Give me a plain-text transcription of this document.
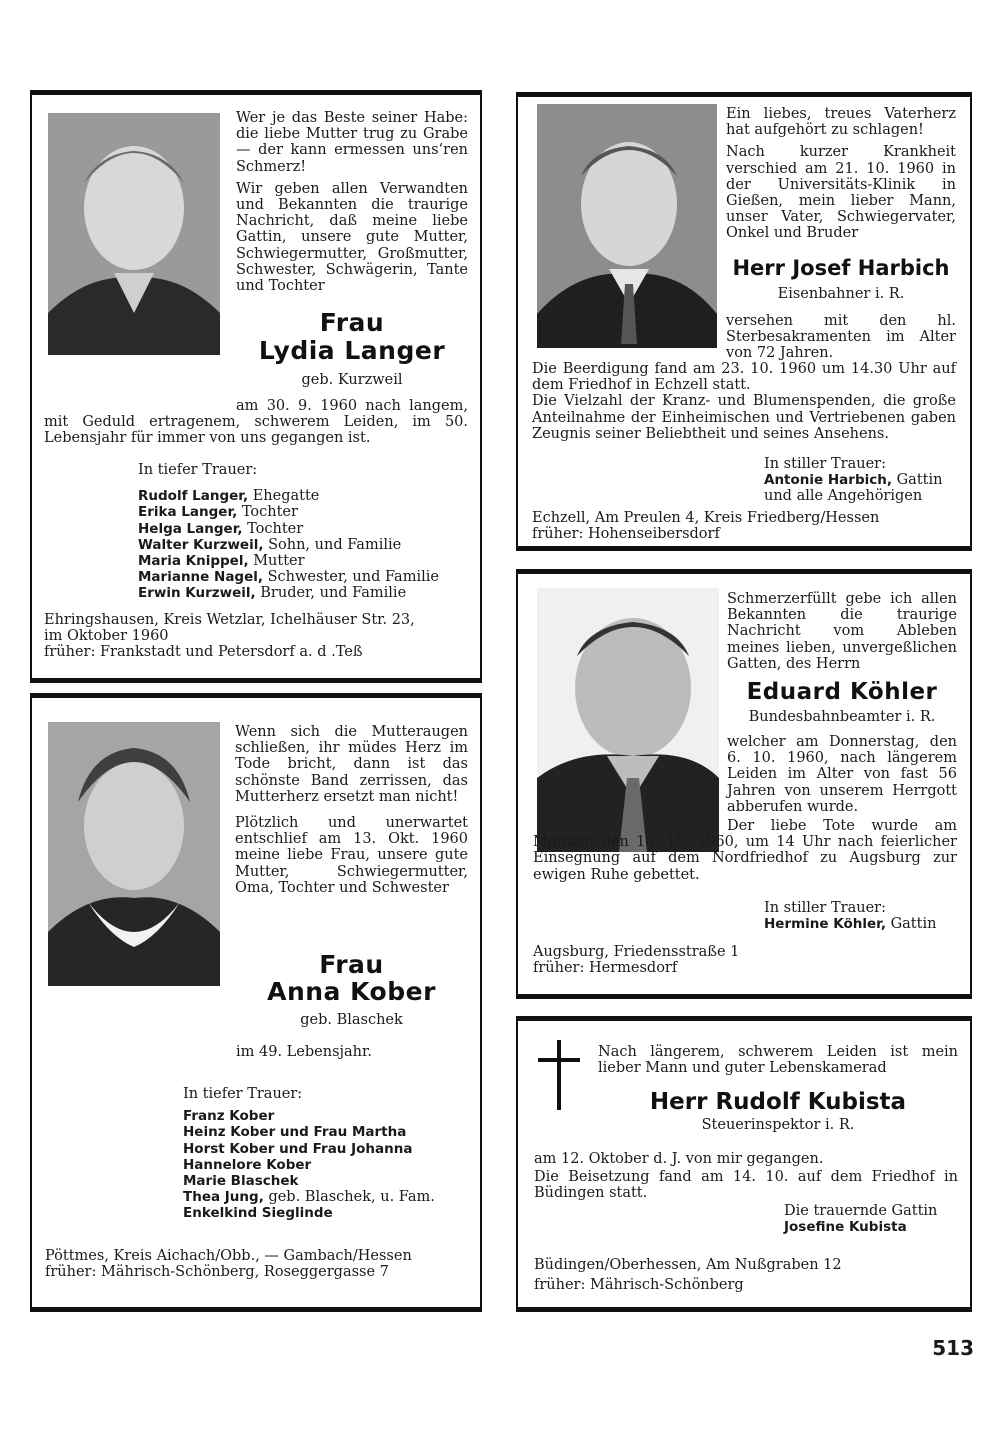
Wer je das Beste seiner Habe: die liebe Mutter trug zu Grabe — der kann ermessen uns‘ren Schmerz!

Wir geben allen Verwandten und Bekannten die traurige Nachricht, daß meine liebe Gattin, unsere gute Mutter, Schwiegermutter, Großmutter, Schwester, Schwägerin, Tante und Tochter

Frau
Lydia Langer
geb. Kurzweil
am 30. 9. 1960 nach langem, mit Geduld ertragenem, schwerem Leiden, im 50. Lebensjahr für immer von uns gegangen ist.
In tiefer Trauer:
Rudolf Langer, Ehegatte
Erika Langer, Tochter
Helga Langer, Tochter
Walter Kurzweil, Sohn, und Familie
Maria Knippel, Mutter
Marianne Nagel, Schwester, und Familie
Erwin Kurzweil, Bruder, und Familie
Ehringshausen, Kreis Wetzlar, Ichelhäuser Str. 23,
im Oktober 1960
früher: Frankstadt und Petersdorf a. d .Teß

Ein liebes, treues Vaterherz hat aufgehört zu schlagen!

Nach kurzer Krankheit verschied am 21. 10. 1960 in der Universitäts-Klinik in Gießen, mein lieber Mann, unser Vater, Schwiegervater, Onkel und Bruder

Herr Josef Harbich
Eisenbahner i. R.
versehen mit den hl. Sterbesakramenten im Alter von 72 Jahren.

Die Beerdigung fand am 23. 10. 1960 um 14.30 Uhr auf dem Friedhof in Echzell statt.

Die Vielzahl der Kranz- und Blumenspenden, die große Anteilnahme der Einheimischen und Vertriebenen gaben Zeugnis seiner Beliebtheit und seines Ansehens.

In stiller Trauer:
Antonie Harbich, Gattin
und alle Angehörigen
Echzell, Am Preulen 4, Kreis Friedberg/Hessen
früher: Hohenseibersdorf
Schmerzerfüllt gebe ich allen Bekannten die traurige Nachricht vom Ableben meines lieben, unvergeßlichen Gatten, des Herrn
Eduard Köhler
Bundesbahnbeamter i. R.
welcher am Donnerstag, den 6. 10. 1960, nach längerem Leiden im Alter von fast 56 Jahren von unserem Herrgott abberufen wurde.
Der liebe Tote wurde am Montag, den 10. 10. 1960, um 14 Uhr nach feierlicher Einsegnung auf dem Nordfriedhof zu Augsburg zur ewigen Ruhe gebettet.
In stiller Trauer:
Hermine Köhler, Gattin
Augsburg, Friedensstraße 1
früher: Hermesdorf

Wenn sich die Mutteraugen schließen, ihr müdes Herz im Tode bricht, dann ist das schönste Band zerrissen, das Mutterherz ersetzt man nicht!

Plötzlich und unerwartet entschlief am 13. Okt. 1960 meine liebe Frau, unsere gute Mutter, Schwiegermutter, Oma, Tochter und Schwester

Frau
Anna Kober
geb. Blaschek
im 49. Lebensjahr.
In tiefer Trauer:
Franz Kober
Heinz Kober und Frau Martha
Horst Kober und Frau Johanna
Hannelore Kober
Marie Blaschek
Thea Jung, geb. Blaschek, u. Fam.
Enkelkind Sieglinde
Pöttmes, Kreis Aichach/Obb., — Gambach/Hessen
früher: Mährisch-Schönberg, Roseggergasse 7
Nach längerem, schwerem Leiden ist mein lieber Mann und guter Lebenskamerad
Herr Rudolf Kubista
Steuerinspektor i. R.

am 12. Oktober d. J. von mir gegangen.

Die Beisetzung fand am 14. 10. auf dem Friedhof in Büdingen statt.

Die trauernde Gattin
Josefine Kubista
Büdingen/Oberhessen, Am Nußgraben 12
früher: Mährisch-Schönberg
513
